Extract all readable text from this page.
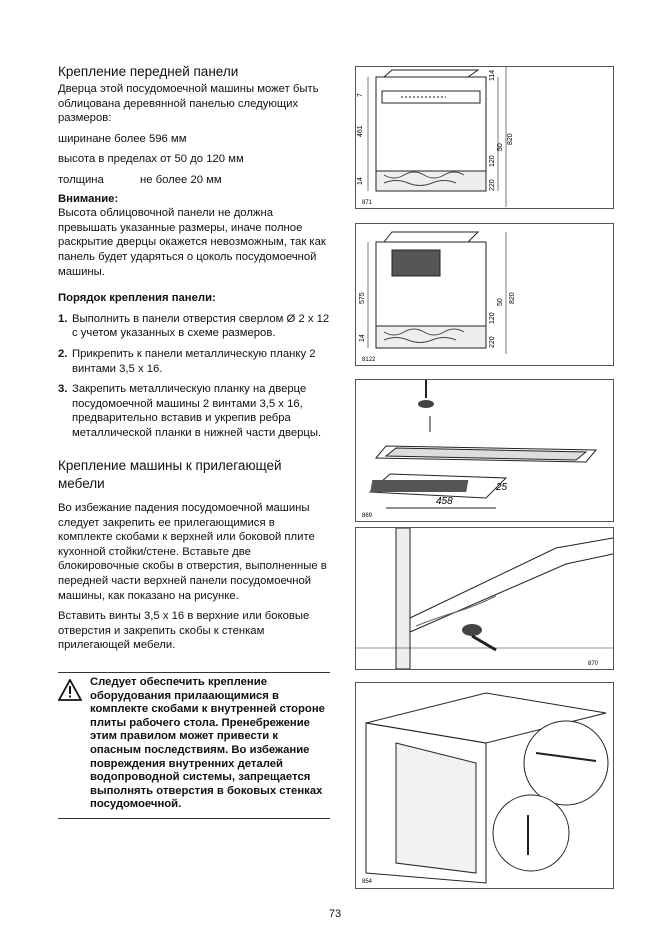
Крепление передней панели

Дверца этой посудомоечной машины может быть облицована деревянной панелью следующих размеров:

ширинане более 596 мм

высота в пределах от 50 до 120 мм

толщина	не более 20 мм

Внимание:

Высота облицовочной панели не должна превышать указанные размеры, иначе полное раскрытие дверцы окажется невозможным, так как панель будет ударяться о цоколь посудомоечной машины.

Порядок крепления панели:

1. Выполнить в панели отверстия сверлом Ø 2 x 12 с учетом указанных в схеме размеров.
2. Прикрепить к панели металлическую планку 2 винтами 3,5 x 16.
3. Закрепить металлическую планку на дверце посудомоечной машины 2 винтами 3,5 x 16, предварительно вставив и укрепив ребра металлической планки в нижней части дверцы.
Крепление машины к прилегающей мебели

Во избежание падения посудомоечной машины следует закрепить ее прилегающимися в комплекте скобами к верхней или боковой плите кухонной стойки/стене. Вставьте две блокировочные скобы в отверстия, выполненные в передней части верхней панели посудомоечной машины, как показано на рисунке.

Вставить винты 3,5 x 16 в верхние или боковые отверстия и закрепить скобы к стенкам прилегающей мебели.

Следует обеспечить крепление оборудования прилаающимися в комплекте скобами к внутренней стороне плиты рабочего стола. Пренебрежение этим правилом может привести к опасным последствиям. Во избежание повреждения внутренних деталей водопроводной системы, запрещается выполнять отверстия в боковых стенках посудомоечной.
461
7
14
114
120
50
220
820
871
575
14
120
50
220
820
8122
458
25
869
870
854
73
